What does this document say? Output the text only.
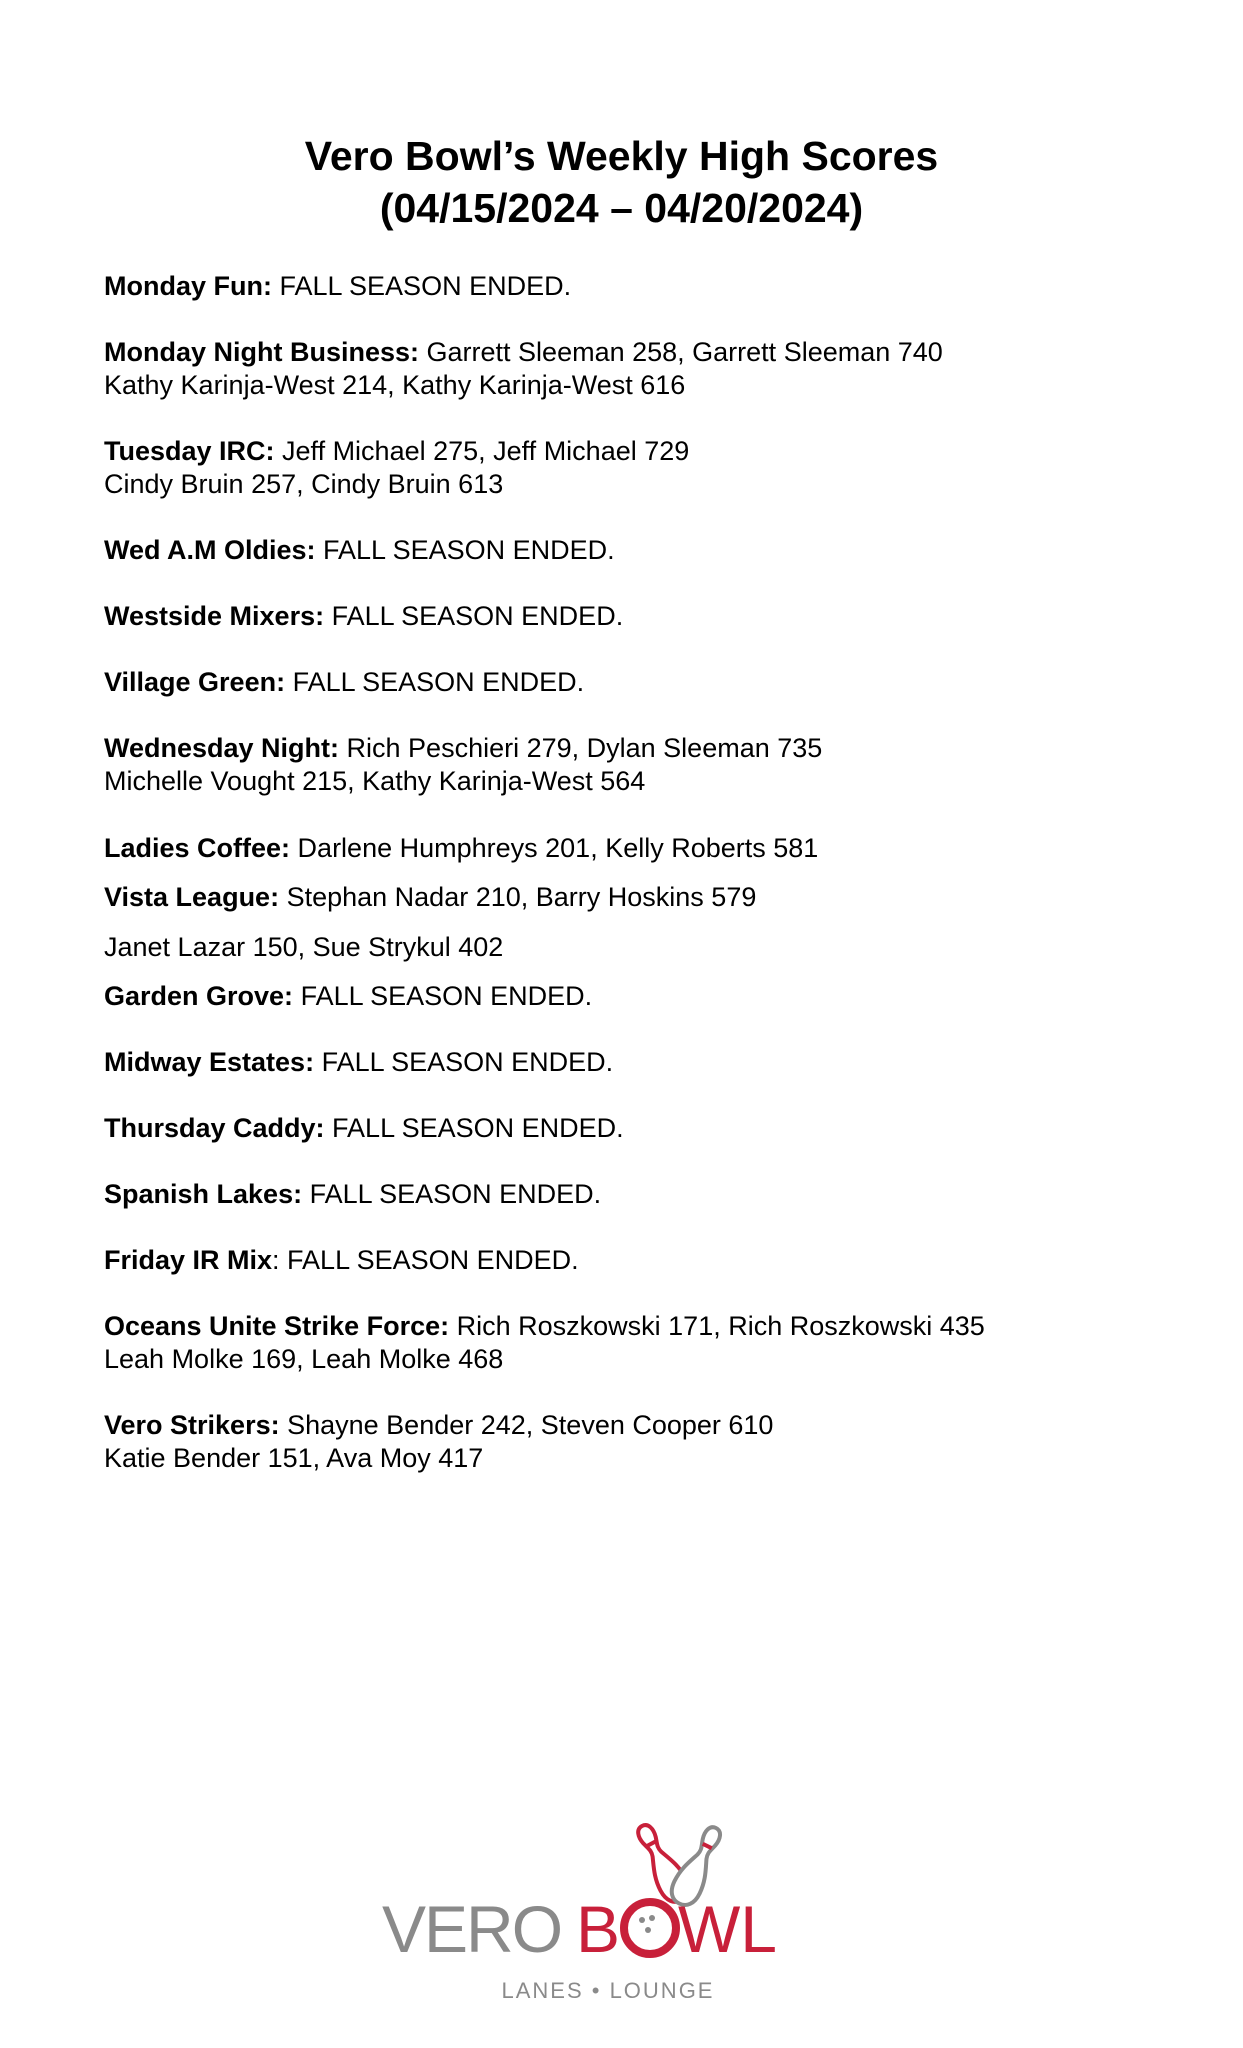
Vero Bowl’s Weekly High Scores
(04/15/2024 – 04/20/2024)
Monday Fun: FALL SEASON ENDED.
Monday Night Business: Garrett Sleeman 258, Garrett Sleeman 740
Kathy Karinja-West 214, Kathy Karinja-West 616
Tuesday IRC: Jeff Michael 275, Jeff Michael 729
Cindy Bruin 257, Cindy Bruin 613
Wed A.M Oldies: FALL SEASON ENDED.
Westside Mixers: FALL SEASON ENDED.
Village Green: FALL SEASON ENDED.
Wednesday Night: Rich Peschieri 279, Dylan Sleeman 735
Michelle Vought 215, Kathy Karinja-West 564
Ladies Coffee: Darlene Humphreys 201, Kelly Roberts 581
Vista League: Stephan Nadar 210, Barry Hoskins 579
Janet Lazar 150, Sue Strykul 402
Garden Grove: FALL SEASON ENDED.
Midway Estates: FALL SEASON ENDED.
Thursday Caddy: FALL SEASON ENDED.
Spanish Lakes: FALL SEASON ENDED.
Friday IR Mix: FALL SEASON ENDED.
Oceans Unite Strike Force: Rich Roszkowski 171, Rich Roszkowski 435
Leah Molke 169, Leah Molke 468
Vero Strikers: Shayne Bender 242, Steven Cooper 610
Katie Bender 151, Ava Moy 417
VERO B WL
LANES • LOUNGE
